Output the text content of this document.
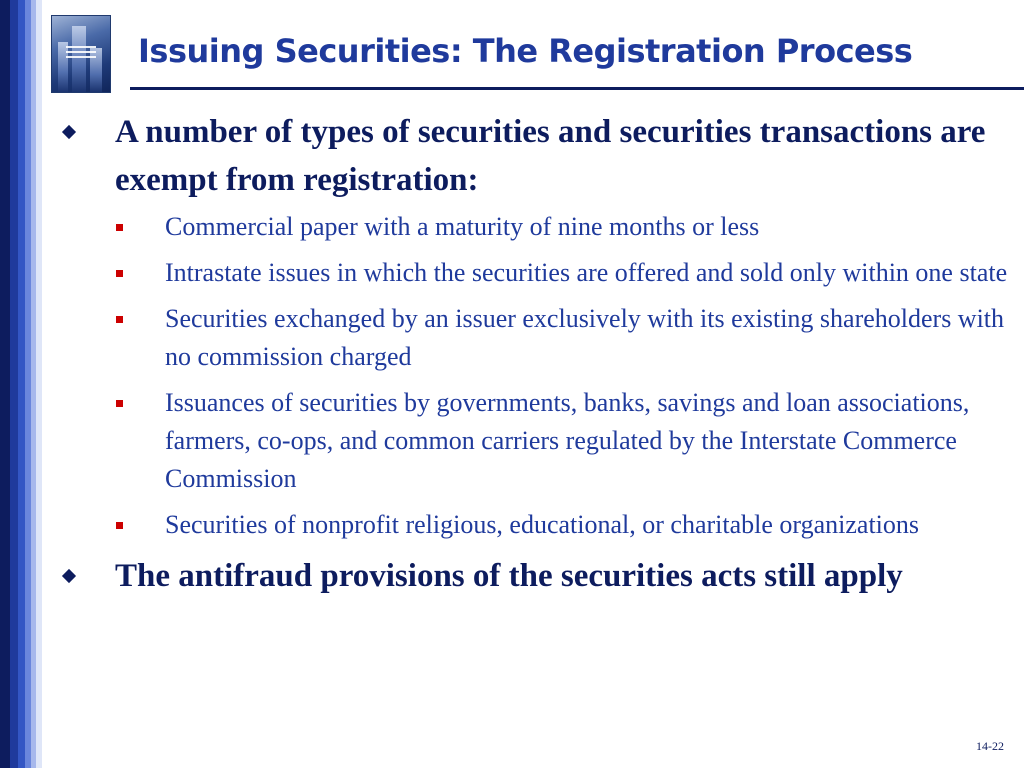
Issuing Securities: The Registration Process
A number of types of securities and securities transactions are exempt from registration:
Commercial paper with a maturity of nine months or less
Intrastate issues in which the securities are offered and sold only within one state
Securities exchanged by an issuer exclusively with its existing shareholders with no commission charged
Issuances of securities by governments, banks, savings and loan associations, farmers, co-ops, and common carriers regulated by the Interstate Commerce Commission
Securities of nonprofit religious, educational, or charitable organizations
The antifraud provisions of the securities acts still apply
14-22
